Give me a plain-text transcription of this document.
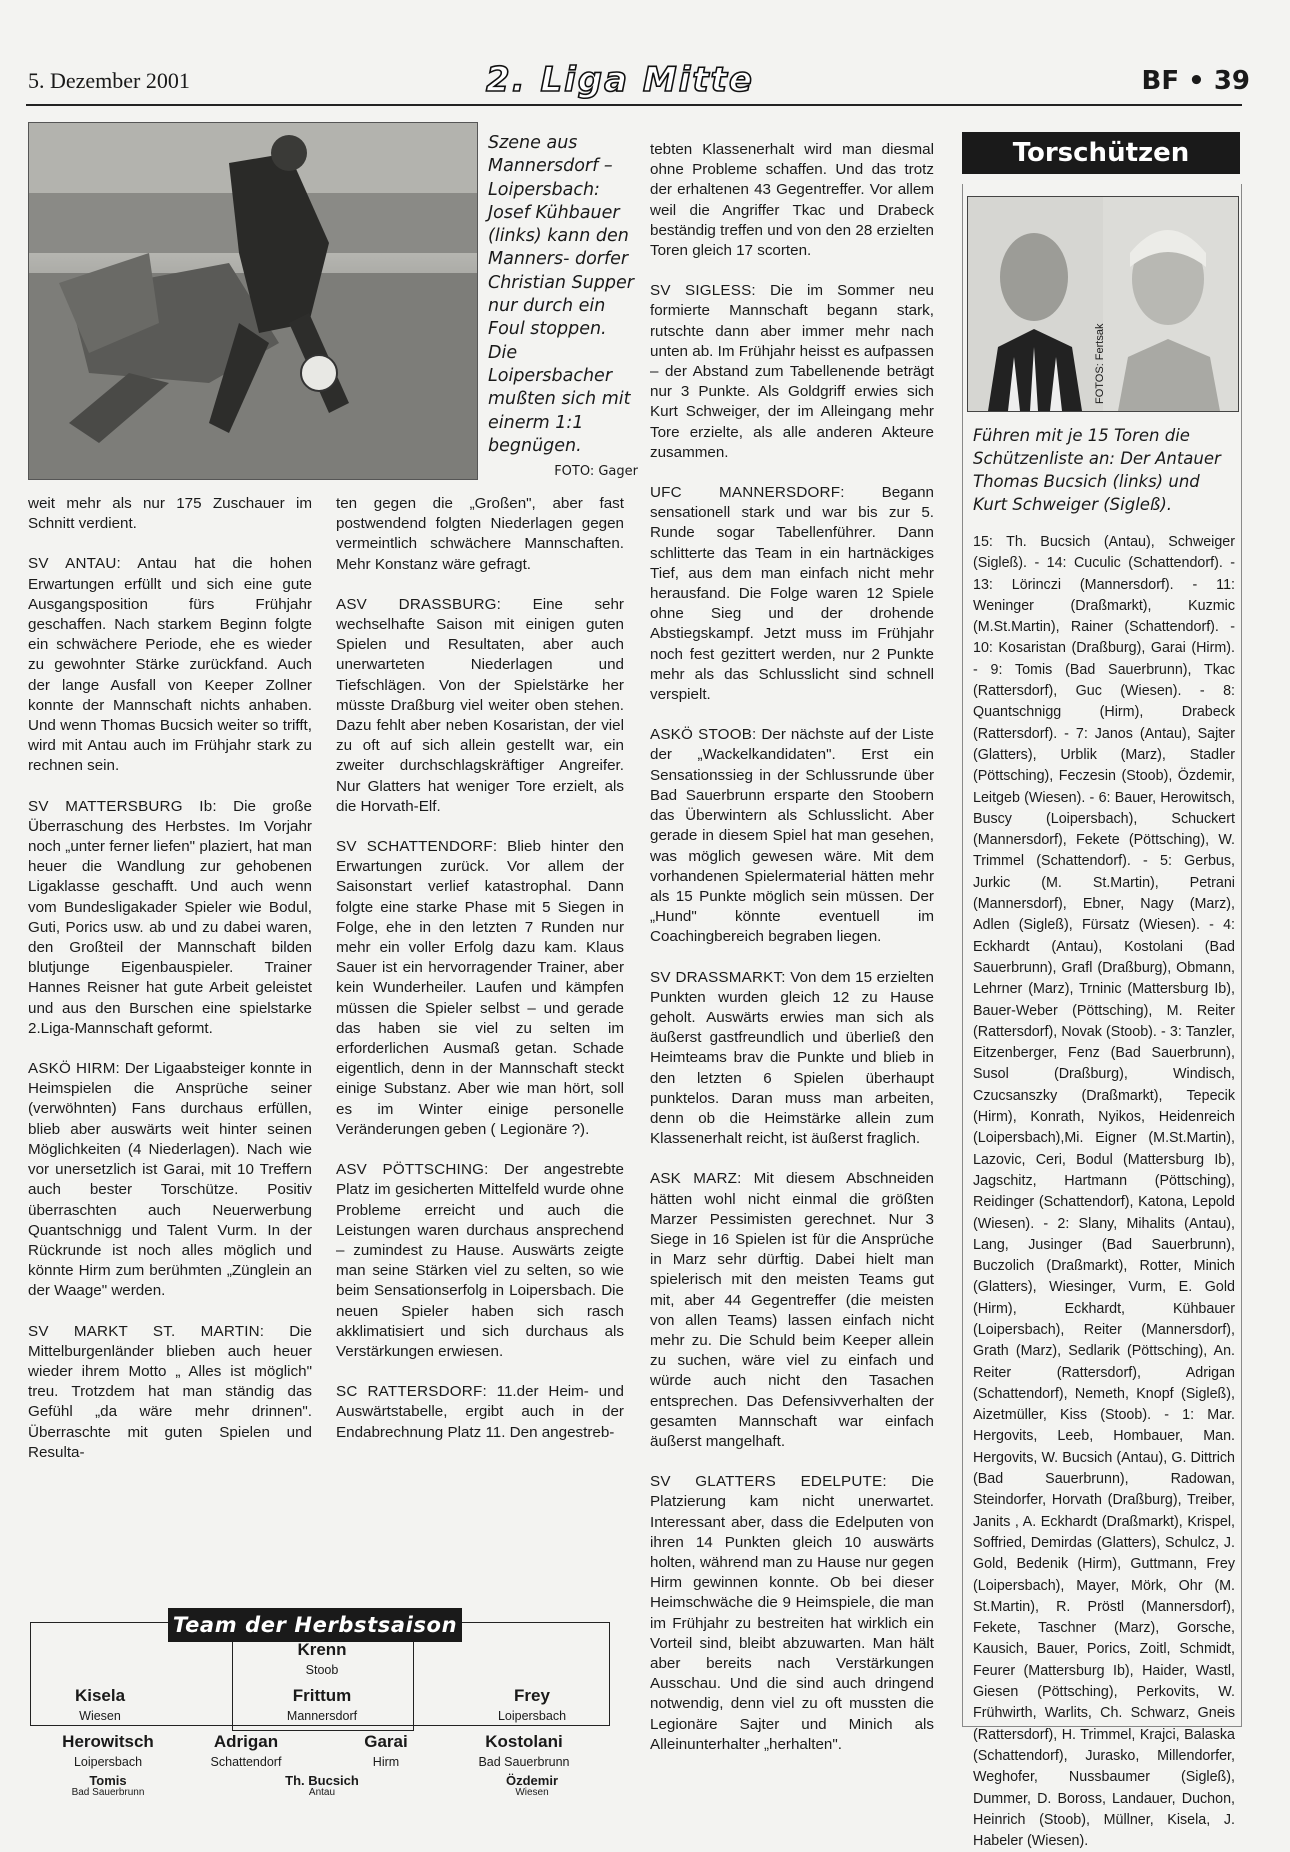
5. Dezember 2001	2. Liga Mitte	BF • 39
Szene aus Mannersdorf – Loipersbach: Josef Kühbauer (links) kann den Manners- dorfer Christian Supper nur durch ein Foul stoppen. Die Loipersbacher mußten sich mit einerm 1:1 begnügen.
FOTO: Gager

weit mehr als nur 175 Zuschauer im Schnitt verdient.

SV ANTAU: Antau hat die hohen Erwartungen erfüllt und sich eine gute Ausgangsposition fürs Frühjahr geschaffen. Nach starkem Beginn folgte ein schwächere Periode, ehe es wieder zu gewohnter Stärke zurückfand. Auch der lange Ausfall von Keeper Zollner konnte der Mannschaft nichts anhaben. Und wenn Thomas Bucsich weiter so trifft, wird mit Antau auch im Frühjahr stark zu rechnen sein.

SV MATTERSBURG Ib: Die große Überraschung des Herbstes. Im Vorjahr noch „unter ferner liefen" plaziert, hat man heuer die Wandlung zur gehobenen Ligaklasse geschafft. Und auch wenn vom Bundesligakader Spieler wie Bodul, Guti, Porics usw. ab und zu dabei waren, den Großteil der Mannschaft bilden blutjunge Eigenbauspieler. Trainer Hannes Reisner hat gute Arbeit geleistet und aus den Burschen eine spielstarke 2.Liga-Mannschaft geformt.

ASKÖ HIRM: Der Ligaabsteiger konnte in Heimspielen die Ansprüche seiner (verwöhnten) Fans durchaus erfüllen, blieb aber auswärts weit hinter seinen Möglichkeiten (4 Niederlagen). Nach wie vor unersetzlich ist Garai, mit 10 Treffern auch bester Torschütze. Positiv überraschten auch Neuerwerbung Quantschnigg und Talent Vurm. In der Rückrunde ist noch alles möglich und könnte Hirm zum berühmten „Zünglein an der Waage" werden.

SV MARKT ST. MARTIN: Die Mittelburgenländer blieben auch heuer wieder ihrem Motto „ Alles ist möglich" treu. Trotzdem hat man ständig das Gefühl „da wäre mehr drinnen". Überraschte mit guten Spielen und Resulta-

ten gegen die „Großen", aber fast postwendend folgten Niederlagen gegen vermeintlich schwächere Mannschaften. Mehr Konstanz wäre gefragt.

ASV DRASSBURG: Eine sehr wechselhafte Saison mit einigen guten Spielen und Resultaten, aber auch unerwarteten Niederlagen und Tiefschlägen. Von der Spielstärke her müsste Draßburg viel weiter oben stehen. Dazu fehlt aber neben Kosaristan, der viel zu oft auf sich allein gestellt war, ein zweiter durchschlagskräftiger Angreifer. Nur Glatters hat weniger Tore erzielt, als die Horvath-Elf.

SV SCHATTENDORF: Blieb hinter den Erwartungen zurück. Vor allem der Saisonstart verlief katastrophal. Dann folgte eine starke Phase mit 5 Siegen in Folge, ehe in den letzten 7 Runden nur mehr ein voller Erfolg dazu kam. Klaus Sauer ist ein hervorragender Trainer, aber kein Wunderheiler. Laufen und kämpfen müssen die Spieler selbst – und gerade das haben sie viel zu selten im erforderlichen Ausmaß getan. Schade eigentlich, denn in der Mannschaft steckt einige Substanz. Aber wie man hört, soll es im Winter einige personelle Veränderungen geben ( Legionäre ?).

ASV PÖTTSCHING: Der angestrebte Platz im gesicherten Mittelfeld wurde ohne Probleme erreicht und auch die Leistungen waren durchaus ansprechend – zumindest zu Hause. Auswärts zeigte man seine Stärken viel zu selten, so wie beim Sensationserfolg in Loipersbach. Die neuen Spieler haben sich rasch akklimatisiert und sich durchaus als Verstärkungen erwiesen.

SC RATTERSDORF: 11.der Heim- und Auswärtstabelle, ergibt auch in der Endabrechnung Platz 11. Den angestreb-

tebten Klassenerhalt wird man diesmal ohne Probleme schaffen. Und das trotz der erhaltenen 43 Gegentreffer. Vor allem weil die Angriffer Tkac und Drabeck beständig treffen und von den 28 erzielten Toren gleich 17 scorten.

SV SIGLESS: Die im Sommer neu formierte Mannschaft begann stark, rutschte dann aber immer mehr nach unten ab. Im Frühjahr heisst es aufpassen – der Abstand zum Tabellenende beträgt nur 3 Punkte. Als Goldgriff erwies sich Kurt Schweiger, der im Alleingang mehr Tore erzielte, als alle anderen Akteure zusammen.

UFC MANNERSDORF: Begann sensationell stark und war bis zur 5. Runde sogar Tabellenführer. Dann schlitterte das Team in ein hartnäckiges Tief, aus dem man einfach nicht mehr herausfand. Die Folge waren 12 Spiele ohne Sieg und der drohende Abstiegskampf. Jetzt muss im Frühjahr noch fest gezittert werden, nur 2 Punkte mehr als das Schlusslicht sind schnell verspielt.

ASKÖ STOOB: Der nächste auf der Liste der „Wackelkandidaten". Erst ein Sensationssieg in der Schlussrunde über Bad Sauerbrunn ersparte den Stoobern das Überwintern als Schlusslicht. Aber gerade in diesem Spiel hat man gesehen, was möglich gewesen wäre. Mit dem vorhandenen Spielermaterial hätten mehr als 15 Punkte möglich sein müssen. Der „Hund" könnte eventuell im Coachingbereich begraben liegen.

SV DRASSMARKT: Von dem 15 erzielten Punkten wurden gleich 12 zu Hause geholt. Auswärts erwies man sich als äußerst gastfreundlich und überließ den Heimteams brav die Punkte und blieb in den letzten 6 Spielen überhaupt punktelos. Daran muss man arbeiten, denn ob die Heimstärke allein zum Klassenerhalt reicht, ist äußerst fraglich.

ASK MARZ: Mit diesem Abschneiden hätten wohl nicht einmal die größten Marzer Pessimisten gerechnet. Nur 3 Siege in 16 Spielen ist für die Ansprüche in Marz sehr dürftig. Dabei hielt man spielerisch mit den meisten Teams gut mit, aber 44 Gegentreffer (die meisten von allen Teams) lassen einfach nicht mehr zu. Die Schuld beim Keeper allein zu suchen, wäre viel zu einfach und würde auch nicht den Tasachen entsprechen. Das Defensivverhalten der gesamten Mannschaft war einfach äußerst mangelhaft.

SV GLATTERS EDELPUTE: Die Platzierung kam nicht unerwartet. Interessant aber, dass die Edelputen von ihren 14 Punkten gleich 10 auswärts holten, während man zu Hause nur gegen Hirm gewinnen konnte. Ob bei dieser Heimschwäche die 9 Heimspiele, die man im Frühjahr zu bestreiten hat wirklich ein Vorteil sind, bleibt abzuwarten. Man hält aber bereits nach Verstärkungen Ausschau. Und die sind auch dringend notwendig, denn viel zu oft mussten die Legionäre Sajter und Minich als Alleinunterhalter „herhalten".

Torschützen
FOTOS:
Führen mit je 15 Toren die Schützenliste an: Der Antauer Thomas Bucsich (links) und Kurt Schweiger (Sigleß).
15: Th. Bucsich (Antau), Schweiger (Sigleß). - 14: Cuculic (Schattendorf). - 13: Lörinczi (Mannersdorf). - 11: Weninger (Draßmarkt), Kuzmic (M.St.Martin), Rainer (Schattendorf). - 10: Kosaristan (Draßburg), Garai (Hirm). - 9: Tomis (Bad Sauerbrunn), Tkac (Rattersdorf), Guc (Wiesen). - 8: Quantschnigg (Hirm), Drabeck (Rattersdorf). - 7: Janos (Antau), Sajter (Glatters), Urblik (Marz), Stadler (Pöttsching), Feczesin (Stoob), Özdemir, Leitgeb (Wiesen). - 6: Bauer, Herowitsch, Buscy (Loipersbach), Schuckert (Mannersdorf), Fekete (Pöttsching), W. Trimmel (Schattendorf). - 5: Gerbus, Jurkic (M. St.Martin), Petrani (Mannersdorf), Ebner, Nagy (Marz), Adlen (Sigleß), Fürsatz (Wiesen). - 4: Eckhardt (Antau), Kostolani (Bad Sauerbrunn), Grafl (Draßburg), Obmann, Lehrner (Marz), Trninic (Mattersburg Ib), Bauer-Weber (Pöttsching), M. Reiter (Rattersdorf), Novak (Stoob). - 3: Tanzler, Eitzenberger, Fenz (Bad Sauerbrunn), Susol (Draßburg), Windisch, Czucsanszky (Draßmarkt), Tepecik (Hirm), Konrath, Nyikos, Heidenreich (Loipersbach),Mi. Eigner (M.St.Martin), Lazovic, Ceri, Bodul (Mattersburg Ib), Jagschitz, Hartmann (Pöttsching), Reidinger (Schattendorf), Katona, Lepold (Wiesen). - 2: Slany, Mihalits (Antau), Lang, Jusinger (Bad Sauerbrunn), Buczolich (Draßmarkt), Rotter, Minich (Glatters), Wiesinger, Vurm, E. Gold (Hirm), Eckhardt, Kühbauer (Loipersbach), Reiter (Mannersdorf), Grath (Marz), Sedlarik (Pöttsching), An. Reiter (Rattersdorf), Adrigan (Schattendorf), Nemeth, Knopf (Sigleß), Aizetmüller, Kiss (Stoob). - 1: Mar. Hergovits, Leeb, Hombauer, Man. Hergovits, W. Bucsich (Antau), G. Dittrich (Bad Sauerbrunn), Radowan, Steindorfer, Horvath (Draßburg), Treiber, Janits , A. Eckhardt (Draßmarkt), Krispel, Soffried, Demirdas (Glatters), Schulcz, J. Gold, Bedenik (Hirm), Guttmann, Frey (Loipersbach), Mayer, Mörk, Ohr (M. St.Martin), R. Pröstl (Mannersdorf), Fekete, Taschner (Marz), Gorsche, Kausich, Bauer, Porics, Zoitl, Schmidt, Feurer (Mattersburg Ib), Haider, Wastl, Giesen (Pöttsching), Perkovits, W. Frühwirth, Warlits, Ch. Schwarz, Gneis (Rattersdorf), H. Trimmel, Krajci, Balaska (Schattendorf), Jurasko, Millendorfer, Weghofer, Nussbaumer (Sigleß), Dummer, D. Boross, Landauer, Duchon, Heinrich (Stoob), Müllner, Kisela, J. Habeler (Wiesen).
Team der Herbstsaison
Krenn
Stoob
Kisela
Wiesen
Frittum
Mannersdorf
Frey
Loipersbach
Herowitsch
Loipersbach
Adrigan
Schattendorf
Garai
Hirm
Kostolani
Bad Sauerbrunn
Tomis
Bad Sauerbrunn
Th. Bucsich
Antau
Özdemir
Wiesen
